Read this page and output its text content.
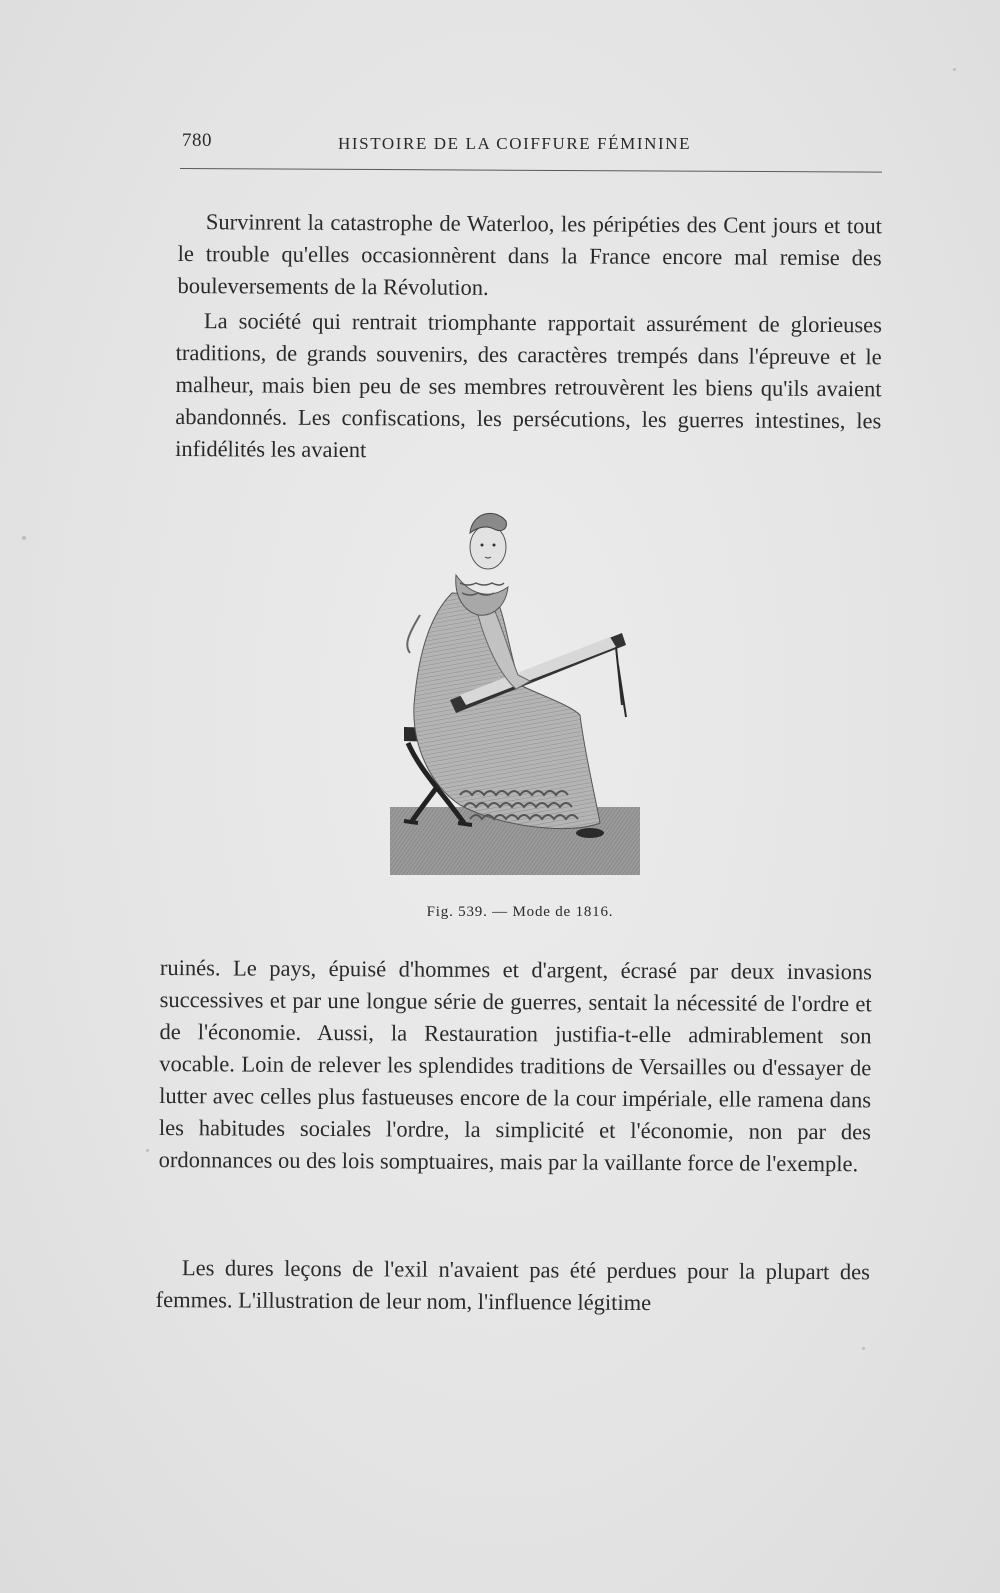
780	HISTOIRE DE LA COIFFURE FÉMININE

Survinrent la catastrophe de Waterloo, les péripéties des Cent jours et tout le trouble qu'elles occasionnèrent dans la France encore mal remise des bouleversements de la Révolution.

La société qui rentrait triomphante rapportait assurément de glorieuses traditions, de grands souvenirs, des caractères trempés dans l'épreuve et le malheur, mais bien peu de ses membres retrouvèrent les biens qu'ils avaient abandonnés. Les confiscations, les persécutions, les guerres intestines, les infidélités les avaient

Fig. 539. — Mode de 1816.

ruinés. Le pays, épuisé d'hommes et d'argent, écrasé par deux invasions successives et par une longue série de guerres, sentait la nécessité de l'ordre et de l'économie. Aussi, la Restauration justifia-t-elle admirablement son vocable. Loin de relever les splendides traditions de Versailles ou d'essayer de lutter avec celles plus fastueuses encore de la cour impériale, elle ramena dans les habitudes sociales l'ordre, la simplicité et l'économie, non par des ordonnances ou des lois somptuaires, mais par la vaillante force de l'exemple.

Les dures leçons de l'exil n'avaient pas été perdues pour la plupart des femmes. L'illustration de leur nom, l'influence légitime
